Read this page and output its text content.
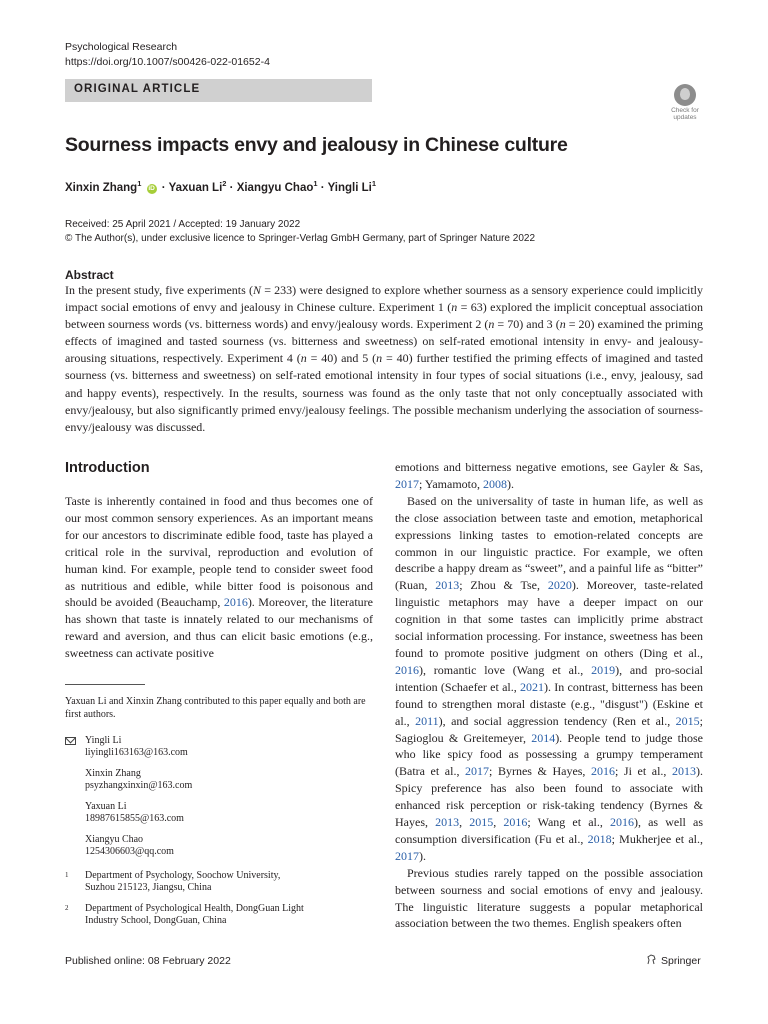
Psychological Research
https://doi.org/10.1007/s00426-022-01652-4
ORIGINAL ARTICLE
Check for updates
Sourness impacts envy and jealousy in Chinese culture
Xinxin Zhang$^1$ iD · Yaxuan $Li^2$ · Xiangyu Chao$^1$ · Yingli Li$^1$
Received: 25 April 2021 / Accepted: 19 January 2022
© The Author(s), under exclusive licence to Springer-Verlag GmbH Germany, part of Springer Nature 2022
Abstract
In the present study, five experiments (N = 233) were designed to explore whether sourness as a sensory experience could implicitly impact social emotions of envy and jealousy in Chinese culture. Experiment 1 (n = 63) explored the implicit conceptual association between sourness words (vs. bitterness words) and envy/jealousy words. Experiment 2 (n = 70) and 3 (n = 20) examined the priming effects of imagined and tasted sourness (vs. bitterness and sweetness) on self-rated emotional intensity in envy- and jealousy-arousing situations, respectively. Experiment 4 (n = 40) and 5 (n = 40) further testified the priming effects of imagined and tasted sourness (vs. bitterness and sweetness) on self-rated emotional intensity in four types of social situations (i.e., envy, jealousy, sad and happy events), respectively. In the results, sourness was found as the only taste that not only conceptually associated with envy/jealousy, but also significantly primed envy/jealousy feelings. The possible mechanism underlying the association of sourness-envy/jealousy was discussed.
Introduction

Taste is inherently contained in food and thus becomes one of our most common sensory experiences. As an important means for our ancestors to discriminate edible food, taste has played a critical role in the survival, reproduction and evolution of human kind. For example, people tend to consider sweet food as nutritious and edible, while bitter food is poisonous and should be avoided (Beauchamp, 2016). Moreover, the literature has shown that taste is innately related to our mechanisms of reward and aversion, and thus can elicit basic emotions (e.g., sweetness can activate positive

emotions and bitterness negative emotions, see Gayler & Sas, 2017; Yamamoto, 2008).

Based on the universality of taste in human life, as well as the close association between taste and emotion, metaphorical expressions linking tastes to emotion-related concepts are common in our linguistic practice. For example, we often describe a happy dream as “sweet”, and a painful life as “bitter” (Ruan, 2013; Zhou & Tse, 2020). Moreover, taste-related linguistic metaphors may have a deeper impact on our cognition in that some tastes can implicitly prime abstract social information processing. For instance, sweetness has been found to promote positive judgment on others (Ding et al., 2016), romantic love (Wang et al., 2019), and pro-social intention (Schaefer et al., 2021). In contrast, bitterness has been found to strengthen moral distaste (e.g., "disgust") (Eskine et al., 2011), and social aggression tendency (Ren et al., 2015; Sagioglou & Greitemeyer, 2014). People tend to judge those who like spicy food as possessing a grumpy temperament (Batra et al., 2017; Byrnes & Hayes, 2016; Ji et al., 2013). Spicy preference has also been found to associate with enhanced risk perception or risk-taking tendency (Byrnes & Hayes, 2013, 2015, 2016; Wang et al., 2016), as well as consumption diversification (Fu et al., 2018; Mukherjee et al., 2017).

Previous studies rarely tapped on the possible association between sourness and social emotions of envy and jealousy. The linguistic literature suggests a popular metaphorical association between the two themes. English speakers often

Yaxuan Li and Xinxin Zhang contributed to this paper equally and both are first authors.
Yingli Li
liyingli163163@163.com
Xinxin Zhang
psyzhangxinxin@163.com
Yaxuan Li
18987615855@163.com
Xiangyu Chao
1254306603@qq.com
1 Department of Psychology, Soochow University,
Suzhou 215123, Jiangsu, China
2 Department of Psychological Health, DongGuan Light
Industry School, DongGuan, China
Published online: 08 February 2022	Springer
